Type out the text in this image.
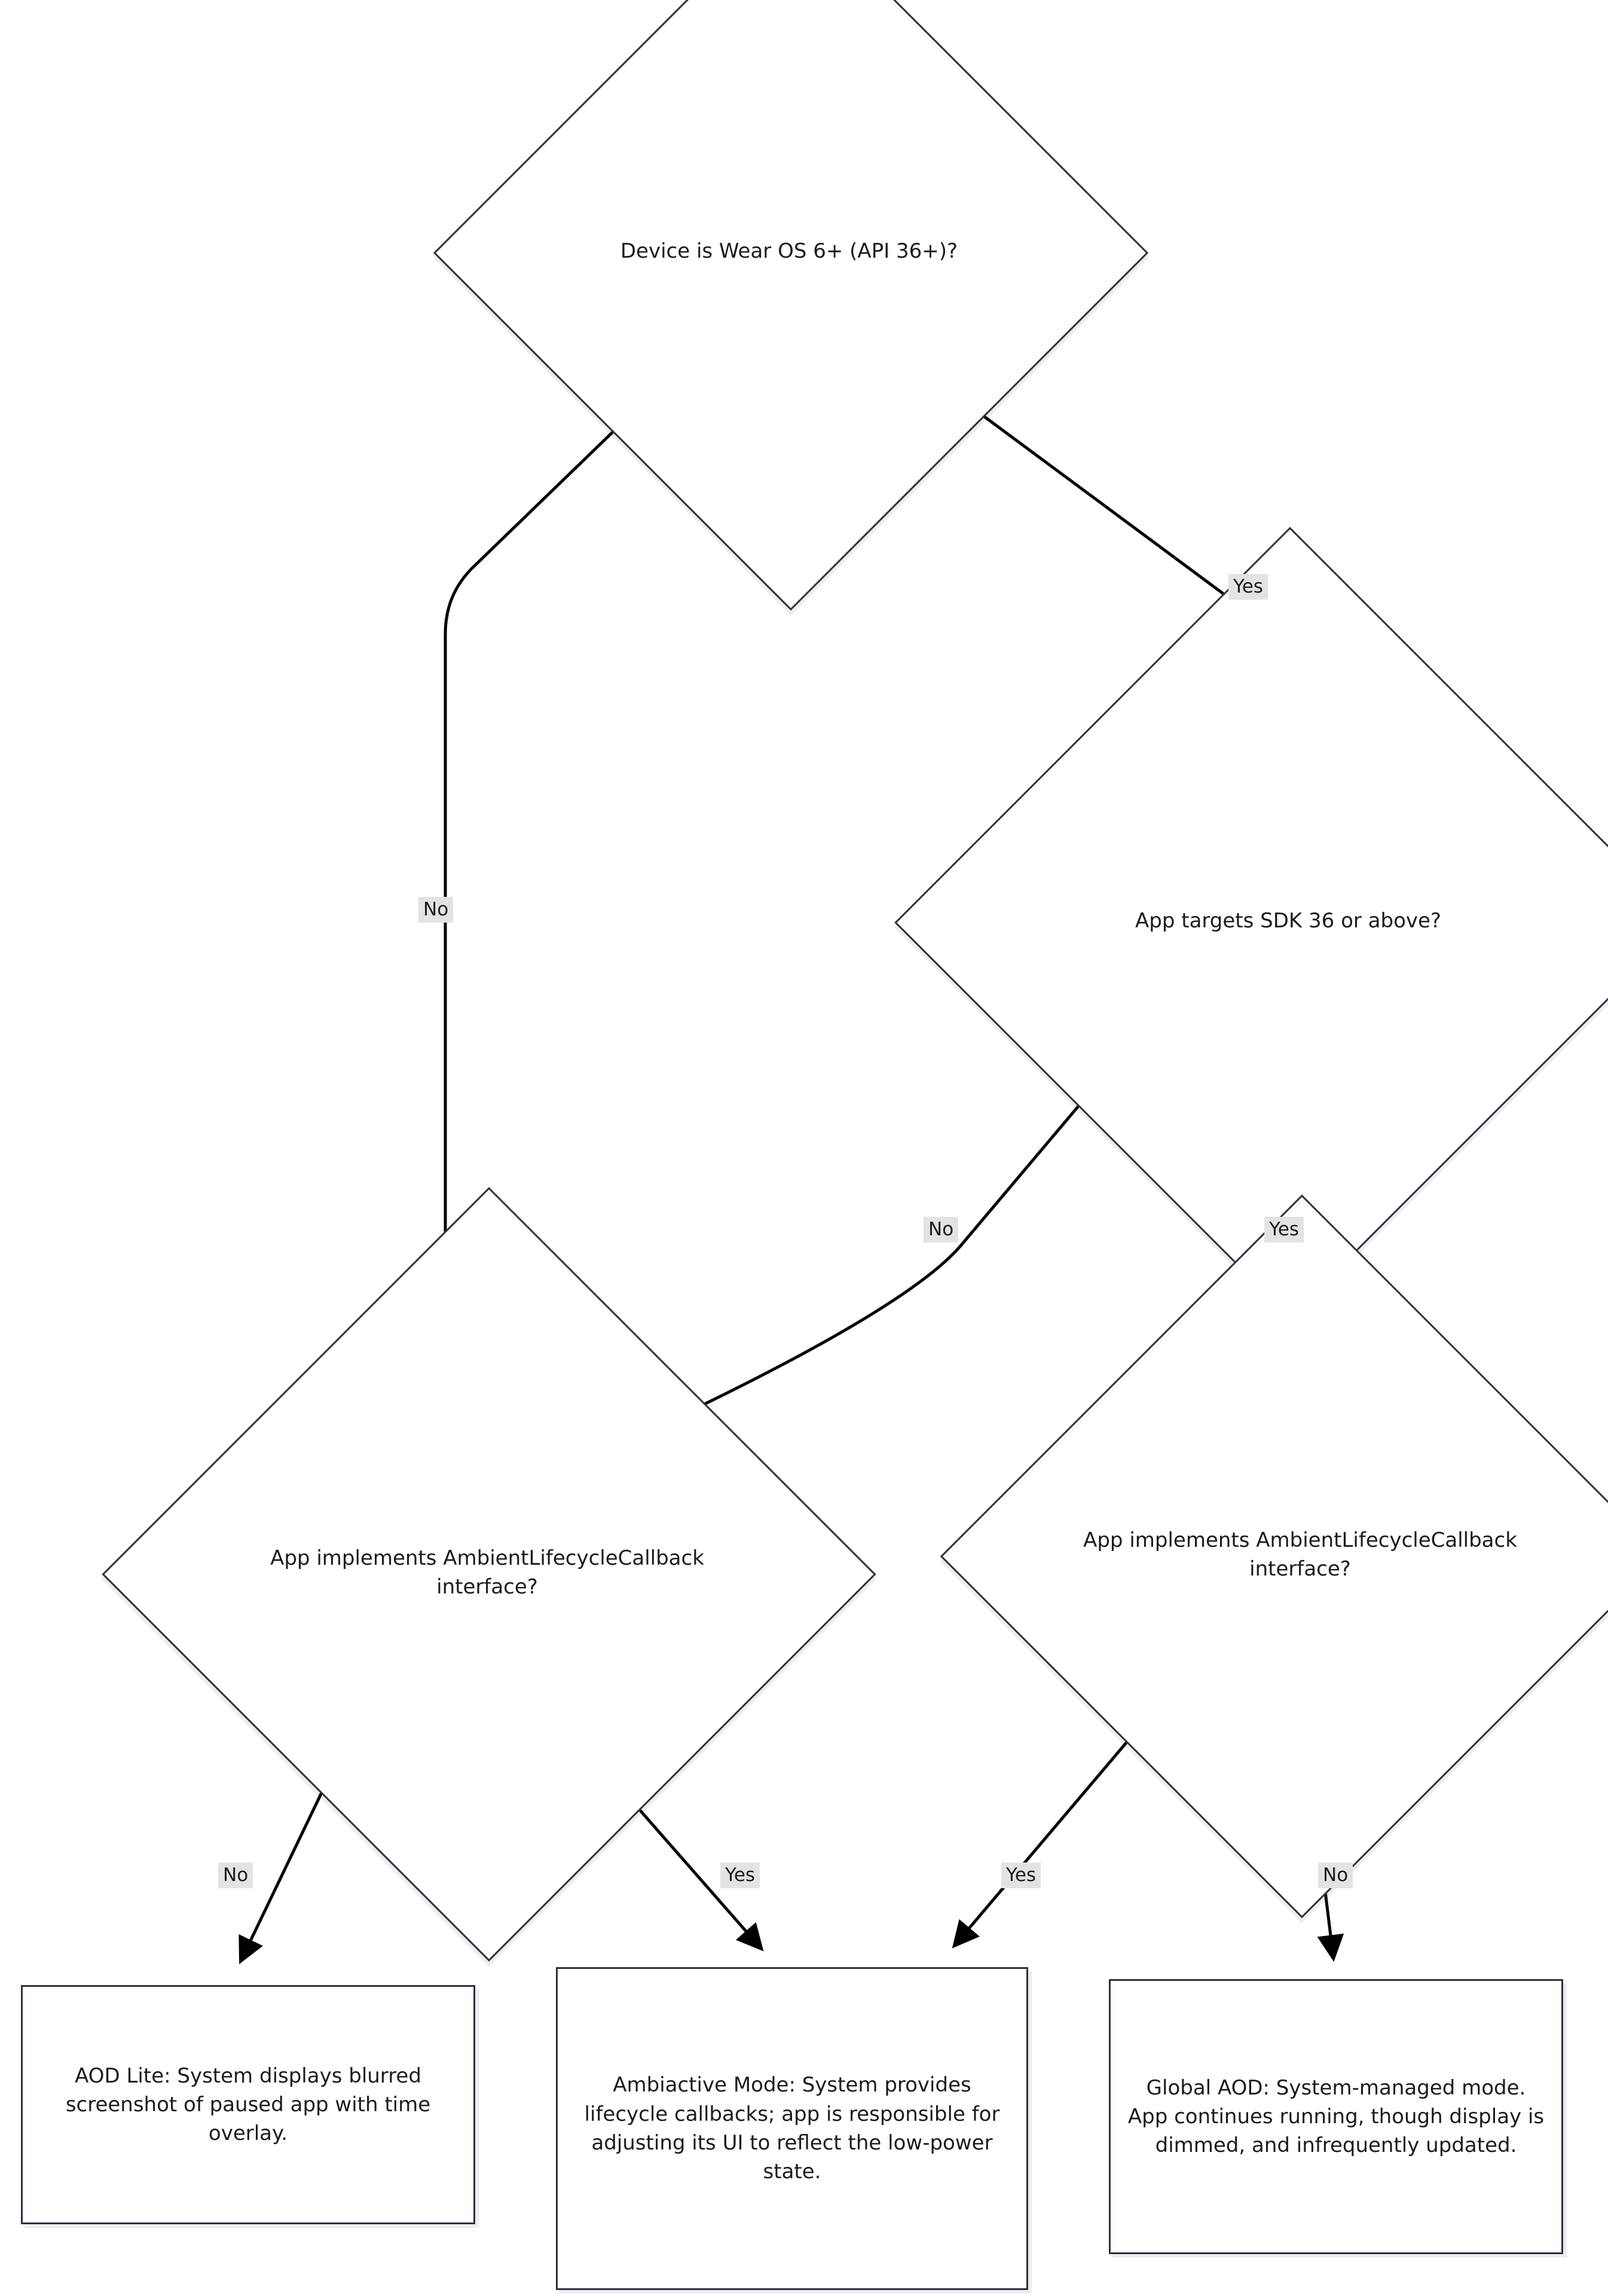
Device is Wear OS 6+ (API 36+)?
App targets SDK 36 or above?
App implements AmbientLifecycleCallback interface?
App implements AmbientLifecycleCallback interface?
AOD Lite: System displays blurred screenshot of paused app with time overlay.
Ambiactive Mode: System provides lifecycle callbacks; app is responsible for adjusting its UI to reflect the low-power state.
Global AOD: System-managed mode. App continues running, though display is dimmed, and infrequently updated.
No
Yes
No	Yes
No	Yes	Yes	No
